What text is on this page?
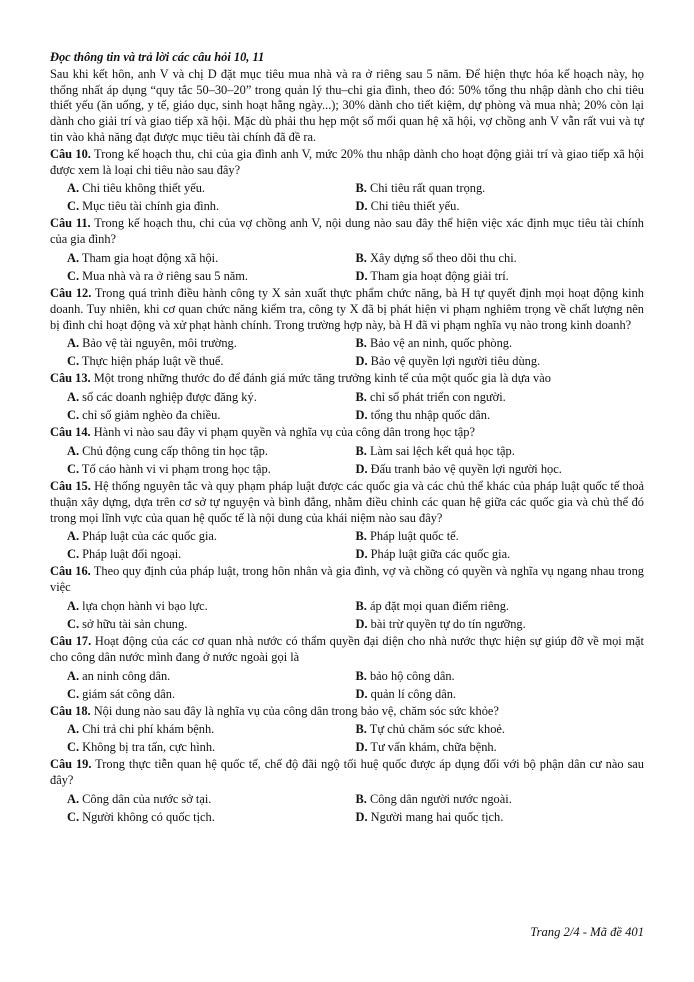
Đọc thông tin và trả lời các câu hỏi 10, 11
Sau khi kết hôn, anh V và chị D đặt mục tiêu mua nhà và ra ở riêng sau 5 năm. Để hiện thực hóa kế hoạch này, họ thống nhất áp dụng “quy tắc 50–30–20” trong quản lý thu–chi gia đình, theo đó: 50% tổng thu nhập dành cho chi tiêu thiết yếu (ăn uống, y tế, giáo dục, sinh hoạt hằng ngày...); 30% dành cho tiết kiệm, dự phòng và mua nhà; 20% còn lại dành cho giải trí và giao tiếp xã hội. Mặc dù phải thu hẹp một số mối quan hệ xã hội, vợ chồng anh V vẫn rất vui và tự tin vào khả năng đạt được mục tiêu tài chính đã đề ra.
Câu 10. Trong kế hoạch thu, chi của gia đình anh V, mức 20% thu nhập dành cho hoạt động giải trí và giao tiếp xã hội được xem là loại chi tiêu nào sau đây?
A. Chi tiêu không thiết yếu.	B. Chi tiêu rất quan trọng.
C. Mục tiêu tài chính gia đình.	D. Chi tiêu thiết yếu.
Câu 11. Trong kế hoạch thu, chi của vợ chồng anh V, nội dung nào sau đây thể hiện việc xác định mục tiêu tài chính của gia đình?
A. Tham gia hoạt động xã hội.	B. Xây dựng sổ theo dõi thu chi.
C. Mua nhà và ra ở riêng sau 5 năm.	D. Tham gia hoạt động giải trí.
Câu 12. Trong quá trình điều hành công ty X sản xuất thực phẩm chức năng, bà H tự quyết định mọi hoạt động kinh doanh. Tuy nhiên, khi cơ quan chức năng kiểm tra, công ty X đã bị phát hiện vi phạm nghiêm trọng về chất lượng nên bị đình chỉ hoạt động và xử phạt hành chính. Trong trường hợp này, bà H đã vi phạm nghĩa vụ nào trong kinh doanh?
A. Bảo vệ tài nguyên, môi trường.	B. Bảo vệ an ninh, quốc phòng.
C. Thực hiện pháp luật về thuế.	D. Bảo vệ quyền lợi người tiêu dùng.
Câu 13. Một trong những thước đo để đánh giá mức tăng trưởng kinh tế của một quốc gia là dựa vào
A. số các doanh nghiệp được đăng ký.	B. chỉ số phát triển con người.
C. chỉ số giảm nghèo đa chiều.	D. tổng thu nhập quốc dân.
Câu 14. Hành vi nào sau đây vi phạm quyền và nghĩa vụ của công dân trong học tập?
A. Chủ động cung cấp thông tin học tập.	B. Làm sai lệch kết quả học tập.
C. Tố cáo hành vi vi phạm trong học tập.	D. Đấu tranh bảo vệ quyền lợi người học.
Câu 15. Hệ thống nguyên tắc và quy phạm pháp luật được các quốc gia và các chủ thể khác của pháp luật quốc tế thoả thuận xây dựng, dựa trên cơ sở tự nguyện và bình đẳng, nhằm điều chỉnh các quan hệ giữa các quốc gia và chủ thể đó trong mọi lĩnh vực của quan hệ quốc tế là nội dung của khái niệm nào sau đây?
A. Pháp luật của các quốc gia.	B. Pháp luật quốc tế.
C. Pháp luật đối ngoại.	D. Pháp luật giữa các quốc gia.
Câu 16. Theo quy định của pháp luật, trong hôn nhân và gia đình, vợ và chồng có quyền và nghĩa vụ ngang nhau trong việc
A. lựa chọn hành vi bạo lực.	B. áp đặt mọi quan điểm riêng.
C. sở hữu tài sản chung.	D. bài trừ quyền tự do tín ngưỡng.
Câu 17. Hoạt động của các cơ quan nhà nước có thẩm quyền đại diện cho nhà nước thực hiện sự giúp đỡ về mọi mặt cho công dân nước mình đang ở nước ngoài gọi là
A. an ninh công dân.	B. bảo hộ công dân.
C. giám sát công dân.	D. quản lí công dân.
Câu 18. Nội dung nào sau đây là nghĩa vụ của công dân trong bảo vệ, chăm sóc sức khỏe?
A. Chi trả chi phí khám bệnh.	B. Tự chủ chăm sóc sức khoẻ.
C. Không bị tra tấn, cực hình.	D. Tư vấn khám, chữa bệnh.
Câu 19. Trong thực tiễn quan hệ quốc tế, chế độ đãi ngộ tối huệ quốc được áp dụng đối với bộ phận dân cư nào sau đây?
A. Công dân của nước sở tại.	B. Công dân người nước ngoài.
C. Người không có quốc tịch.	D. Người mang hai quốc tịch.
Trang 2/4 - Mã đề 401
